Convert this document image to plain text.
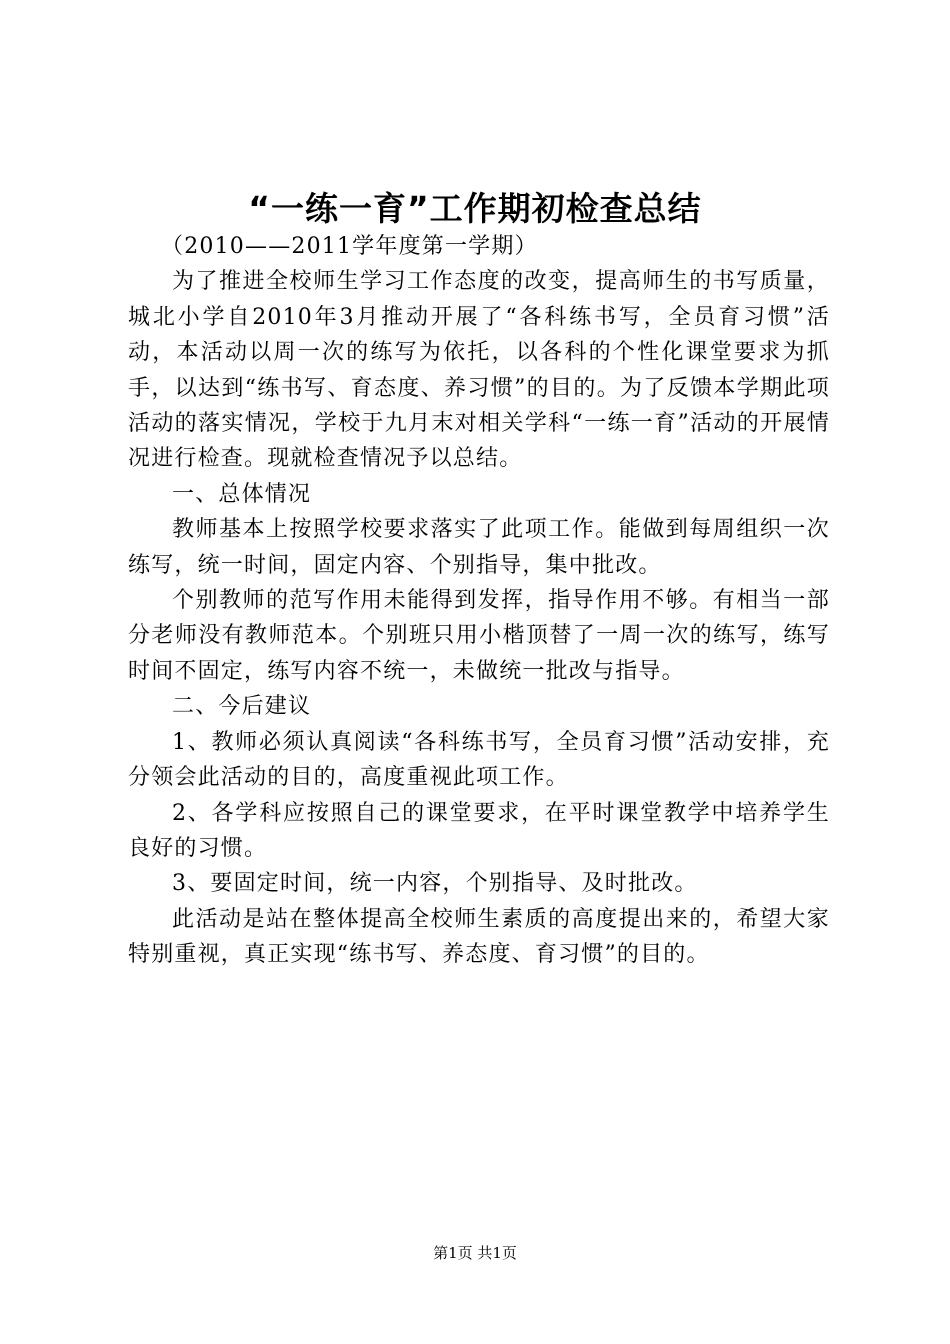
“一练一育”工作期初检查总结

（2010——2011学年度第一学期）

为了推进全校师生学习工作态度的改变，提高师生的书写质量，城北小学自2010年3月推动开展了“各科练书写，全员育习惯”活动，本活动以周一次的练写为依托，以各科的个性化课堂要求为抓手，以达到“练书写、育态度、养习惯”的目的。为了反馈本学期此项活动的落实情况，学校于九月末对相关学科“一练一育”活动的开展情况进行检查。现就检查情况予以总结。

一、总体情况

教师基本上按照学校要求落实了此项工作。能做到每周组织一次练写，统一时间，固定内容、个别指导，集中批改。

个别教师的范写作用未能得到发挥，指导作用不够。有相当一部分老师没有教师范本。个别班只用小楷顶替了一周一次的练写，练写时间不固定，练写内容不统一，未做统一批改与指导。

二、今后建议

1、教师必须认真阅读“各科练书写，全员育习惯”活动安排，充分领会此活动的目的，高度重视此项工作。

2、各学科应按照自己的课堂要求，在平时课堂教学中培养学生良好的习惯。

3、要固定时间，统一内容，个别指导、及时批改。

此活动是站在整体提高全校师生素质的高度提出来的，希望大家特别重视，真正实现“练书写、养态度、育习惯”的目的。

第1页 共1页
